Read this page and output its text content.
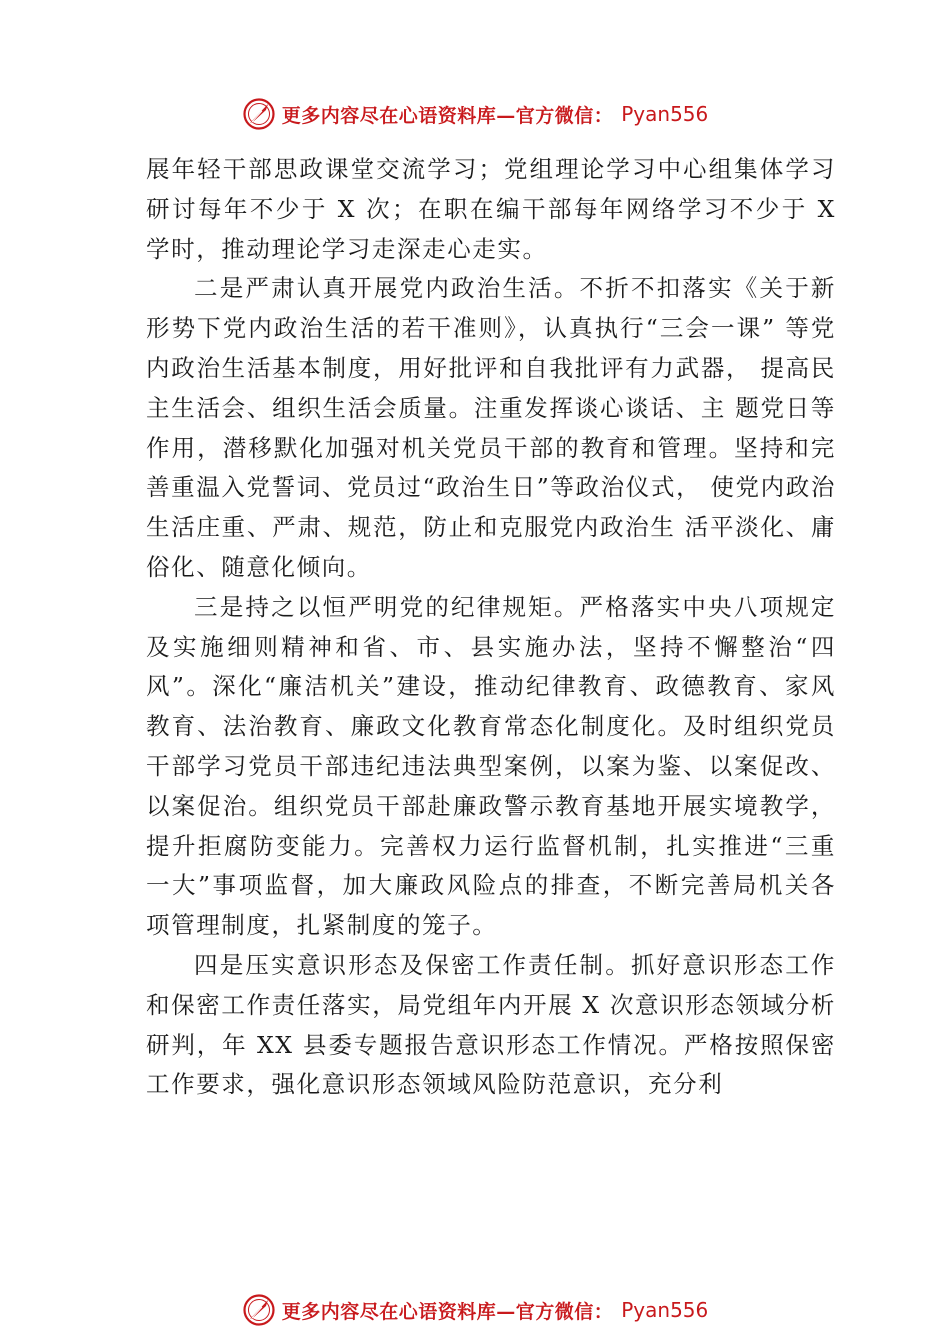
更多内容尽在心语资料库—官方微信： Pyan556

展年轻干部思政课堂交流学习；党组理论学习中心组集体学习研讨每年不少于 X 次；在职在编干部每年网络学习不少于 X 学时，推动理论学习走深走心走实。

二是严肃认真开展党内政治生活。不折不扣落实《关于新形势下党内政治生活的若干准则》，认真执行“三会一课” 等党内政治生活基本制度，用好批评和自我批评有力武器， 提高民主生活会、组织生活会质量。注重发挥谈心谈话、主 题党日等作用，潜移默化加强对机关党员干部的教育和管理。坚持和完善重温入党誓词、党员过“政治生日”等政治仪式， 使党内政治生活庄重、严肃、规范，防止和克服党内政治生 活平淡化、庸俗化、随意化倾向。

三是持之以恒严明党的纪律规矩。严格落实中央八项规定及实施细则精神和省、市、县实施办法，坚持不懈整治“四风”。深化“廉洁机关”建设，推动纪律教育、政德教育、家风教育、法治教育、廉政文化教育常态化制度化。及时组织党员干部学习党员干部违纪违法典型案例，以案为鉴、以案促改、以案促治。组织党员干部赴廉政警示教育基地开展实境教学，提升拒腐防变能力。完善权力运行监督机制，扎实推进“三重一大”事项监督，加大廉政风险点的排查，不断完善局机关各项管理制度，扎紧制度的笼子。

四是压实意识形态及保密工作责任制。抓好意识形态工作和保密工作责任落实，局党组年内开展 X 次意识形态领域分析研判，年 XX 县委专题报告意识形态工作情况。严格按照保密工作要求，强化意识形态领域风险防范意识，充分利

更多内容尽在心语资料库—官方微信： Pyan556
